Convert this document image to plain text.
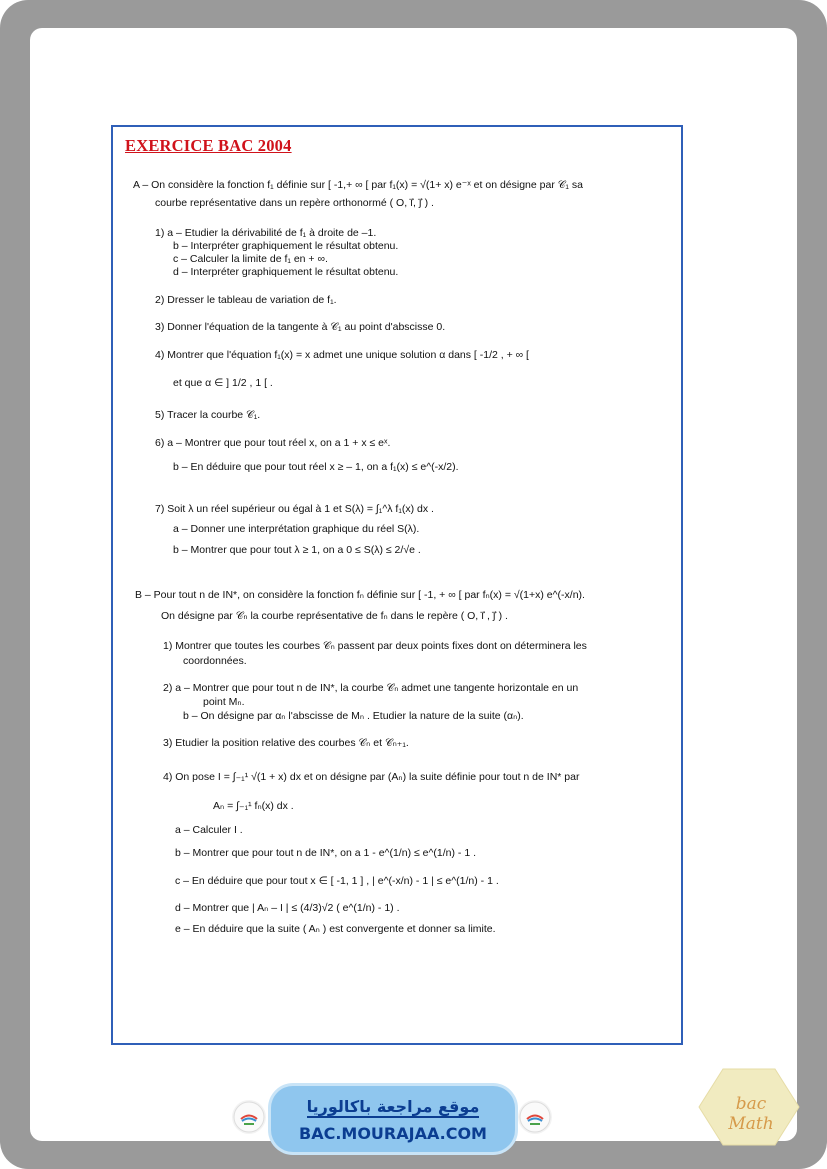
EXERCICE BAC 2004
A – On considère la fonction f₁ définie sur [ -1,+ ∞ [ par f₁(x) = √(1+ x) e⁻ˣ et on désigne par 𝒞₁ sa
courbe représentative dans un repère orthonormé ( O, i⃗, j⃗ ) .
1) a – Etudier la dérivabilité de f₁ à droite de –1.
b – Interpréter graphiquement le résultat obtenu.
c – Calculer la limite de f₁ en + ∞.
d – Interpréter graphiquement le résultat obtenu.
2) Dresser le tableau de variation de f₁.
3) Donner l'équation de la tangente à 𝒞₁ au point d'abscisse 0.
4) Montrer que l'équation f₁(x) = x admet une unique solution α dans [ -1/2 , + ∞ [
et que α ∈ ] 1/2 , 1 [ .
5) Tracer la courbe 𝒞₁.
6) a – Montrer que pour tout réel x, on a 1 + x ≤ eˣ.
b – En déduire que pour tout réel x ≥ – 1, on a f₁(x) ≤ e^(-x/2).
7) Soit λ un réel supérieur ou égal à 1 et S(λ) = ∫₁^λ f₁(x) dx .
a – Donner une interprétation graphique du réel S(λ).
b – Montrer que pour tout λ ≥ 1, on a 0 ≤ S(λ) ≤ 2/√e .
B – Pour tout n de IN*, on considère la fonction fₙ définie sur [ -1, + ∞ [ par fₙ(x) = √(1+x) e^(-x/n).
On désigne par 𝒞ₙ la courbe représentative de fₙ dans le repère ( O, i⃗ , j⃗ ) .
1) Montrer que toutes les courbes 𝒞ₙ passent par deux points fixes dont on déterminera les
coordonnées.
2) a – Montrer que pour tout n de IN*, la courbe 𝒞ₙ admet une tangente horizontale en un
point Mₙ.
b – On désigne par αₙ l'abscisse de Mₙ . Etudier la nature de la suite (αₙ).
3) Etudier la position relative des courbes 𝒞ₙ et 𝒞ₙ₊₁.
4) On pose I = ∫₋₁¹ √(1 + x) dx et on désigne par (Aₙ) la suite définie pour tout n de IN* par
Aₙ = ∫₋₁¹ fₙ(x) dx .
a – Calculer I .
b – Montrer que pour tout n de IN*, on a 1 - e^(1/n) ≤ e^(1/n) - 1 .
c – En déduire que pour tout x ∈ [ -1, 1 ] , | e^(-x/n) - 1 | ≤ e^(1/n) - 1 .
d – Montrer que | Aₙ – I | ≤ (4/3)√2 ( e^(1/n) - 1) .
e – En déduire que la suite ( Aₙ ) est convergente et donner sa limite.
موقع مراجعة باكالوريا
BAC.MOURAJAA.COM
bac Math
